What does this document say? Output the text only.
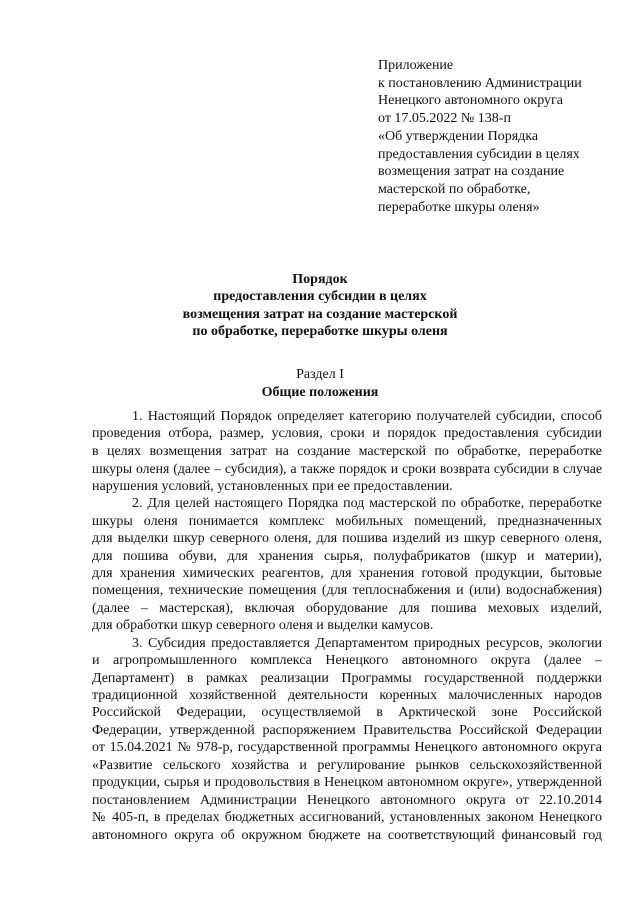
Приложение
к постановлению Администрации
Ненецкого автономного округа
от 17.05.2022 № 138-п
«Об утверждении Порядка
предоставления субсидии в целях
возмещения затрат на создание
мастерской по обработке,
переработке шкуры оленя»
Порядок
предоставления субсидии в целях
возмещения затрат на создание мастерской
по обработке, переработке шкуры оленя
Раздел I
Общие положения
1. Настоящий Порядок определяет категорию получателей субсидии, способ
проведения отбора, размер, условия, сроки и порядок предоставления субсидии
в целях возмещения затрат на создание мастерской по обработке, переработке
шкуры оленя (далее – субсидия), а также порядок и сроки возврата субсидии в случае
нарушения условий, установленных при ее предоставлении.
2. Для целей настоящего Порядка под мастерской по обработке, переработке
шкуры оленя понимается комплекс мобильных помещений, предназначенных
для выделки шкур северного оленя, для пошива изделий из шкур северного оленя,
для пошива обуви, для хранения сырья, полуфабрикатов (шкур и материи),
для хранения химических реагентов, для хранения готовой продукции, бытовые
помещения, технические помещения (для теплоснабжения и (или) водоснабжения)
(далее – мастерская), включая оборудование для пошива меховых изделий,
для обработки шкур северного оленя и выделки камусов.
3. Субсидия предоставляется Департаментом природных ресурсов, экологии
и агропромышленного комплекса Ненецкого автономного округа (далее –
Департамент) в рамках реализации Программы государственной поддержки
традиционной хозяйственной деятельности коренных малочисленных народов
Российской Федерации, осуществляемой в Арктической зоне Российской
Федерации, утвержденной распоряжением Правительства Российской Федерации
от 15.04.2021 № 978-р, государственной программы Ненецкого автономного округа
«Развитие сельского хозяйства и регулирование рынков сельскохозяйственной
продукции, сырья и продовольствия в Ненецком автономном округе», утвержденной
постановлением Администрации Ненецкого автономного округа от 22.10.2014
№ 405-п, в пределах бюджетных ассигнований, установленных законом Ненецкого
автономного округа об окружном бюджете на соответствующий финансовый год
